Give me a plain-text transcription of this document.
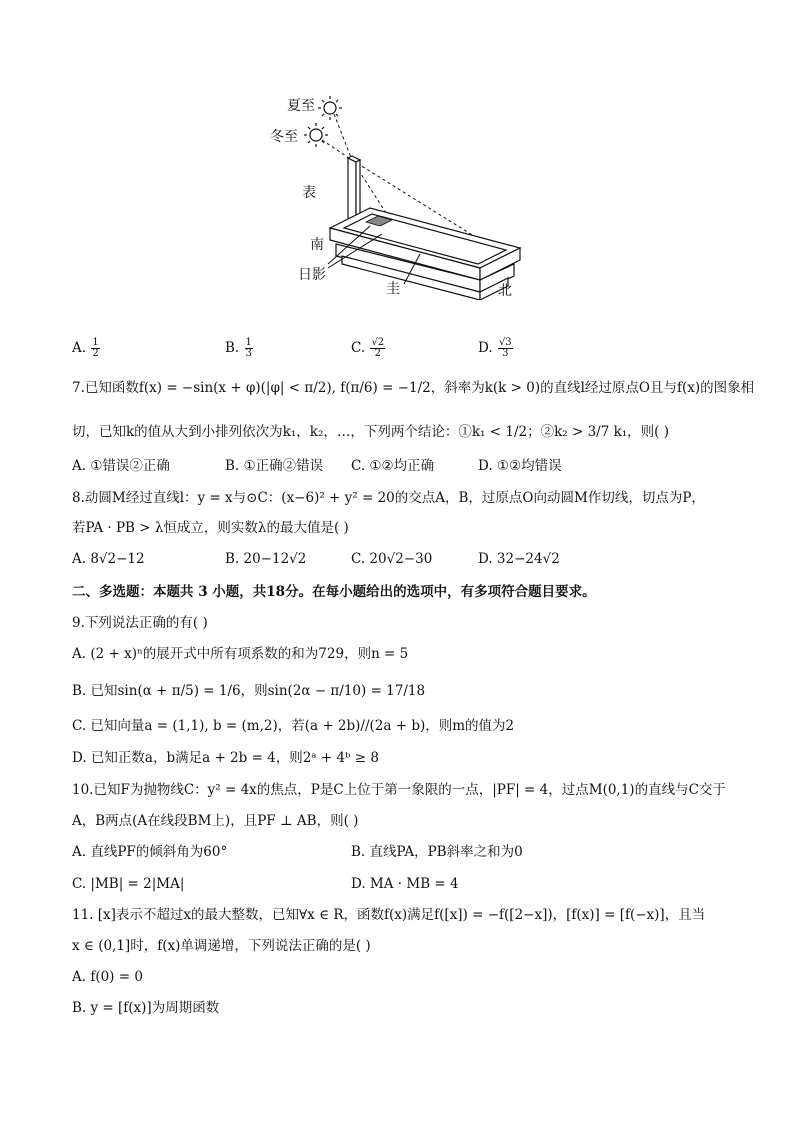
夏至
冬至
表
南
日影
圭	北
A. $\frac{1}{2}$	B. $\frac{1}{3}$	C. $\frac{√2}{2}$	D. $\frac{√3}{3}$
7.已知函数f(x) = −sin(x + φ)(|φ| < π/2), f(π/6) = −1/2，斜率为k(k > 0)的直线l经过原点O且与f(x)的图象相
切，已知k的值从大到小排列依次为k₁，k₂，…，下列两个结论：①k₁ < 1/2；②k₂ > 3/7 k₁，则( )
A. ①错误②正确	B. ①正确②错误 C. ①②均正确	D. ①②均错误
8.动圆M经过直线l：y = x与⊙C：(x−6)² + y² = 20的交点A，B，过原点O向动圆M作切线，切点为P，
若PA · PB > λ恒成立，则实数λ的最大值是( )
A. 8√2−12	B. 20−12√2	C. 20√2−30	D. 32−24√2
二、多选题：本题共 3 小题，共18分。在每小题给出的选项中，有多项符合题目要求。
9.下列说法正确的有( )
A. (2 + x)ⁿ的展开式中所有项系数的和为729，则n = 5
B. 已知sin(α + π/5) = 1/6，则sin(2α − π/10) = 17/18
C. 已知向量a = (1,1), b = (m,2)，若(a + 2b)//(2a + b)，则m的值为2
D. 已知正数a，b满足a + 2b = 4，则2ᵃ + 4ᵇ ≥ 8
10.已知F为抛物线C：y² = 4x的焦点，P是C上位于第一象限的一点，|PF| = 4，过点M(0,1)的直线与C交于
A，B两点(A在线段BM上)，且PF ⊥ AB，则( )
A. 直线PF的倾斜角为60°	B. 直线PA，PB斜率之和为0
C. |MB| = 2|MA|	D. MA · MB = 4
11. [x]表示不超过x的最大整数，已知∀x ∈ R，函数f(x)满足f([x]) = −f([2−x])，[f(x)] = [f(−x)]，且当
x ∈ (0,1]时，f(x)单调递增，下列说法正确的是( )
A. f(0) = 0
B. y = [f(x)]为周期函数
